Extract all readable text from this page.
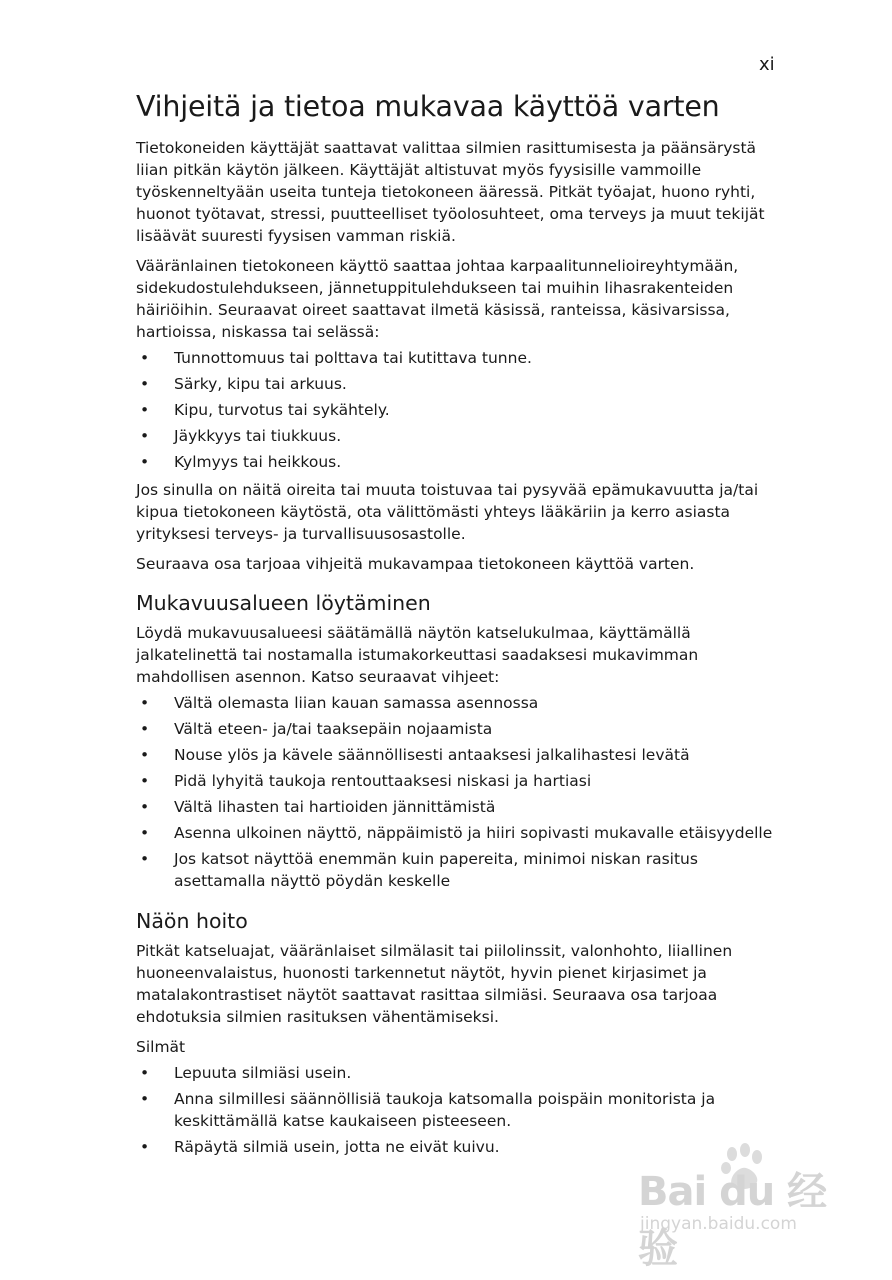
xi
Vihjeitä ja tietoa mukavaa käyttöä varten

Tietokoneiden käyttäjät saattavat valittaa silmien rasittumisesta ja päänsärystä liian pitkän käytön jälkeen. Käyttäjät altistuvat myös fyysisille vammoille työskenneltyään useita tunteja tietokoneen ääressä. Pitkät työajat, huono ryhti, huonot työtavat, stressi, puutteelliset työolosuhteet, oma terveys ja muut tekijät lisäävät suuresti fyysisen vamman riskiä.

Vääränlainen tietokoneen käyttö saattaa johtaa karpaalitunnelioireyhtymään, sidekudostulehdukseen, jännetuppitulehdukseen tai muihin lihasrakenteiden häiriöihin. Seuraavat oireet saattavat ilmetä käsissä, ranteissa, käsivarsissa, hartioissa, niskassa tai selässä:

• Tunnottomuus tai polttava tai kutittava tunne.
• Särky, kipu tai arkuus.
• Kipu, turvotus tai sykähtely.
• Jäykkyys tai tiukkuus.
• Kylmyys tai heikkous.

Jos sinulla on näitä oireita tai muuta toistuvaa tai pysyvää epämukavuutta ja/tai kipua tietokoneen käytöstä, ota välittömästi yhteys lääkäriin ja kerro asiasta yrityksesi terveys- ja turvallisuusosastolle.

Seuraava osa tarjoaa vihjeitä mukavampaa tietokoneen käyttöä varten.

Mukavuusalueen löytäminen

Löydä mukavuusalueesi säätämällä näytön katselukulmaa, käyttämällä jalkatelinettä tai nostamalla istumakorkeuttasi saadaksesi mukavimman mahdollisen asennon. Katso seuraavat vihjeet:

• Vältä olemasta liian kauan samassa asennossa
• Vältä eteen- ja/tai taaksepäin nojaamista
• Nouse ylös ja kävele säännöllisesti antaaksesi jalkalihastesi levätä
• Pidä lyhyitä taukoja rentouttaaksesi niskasi ja hartiasi
• Vältä lihasten tai hartioiden jännittämistä
• Asenna ulkoinen näyttö, näppäimistö ja hiiri sopivasti mukavalle etäisyydelle
• Jos katsot näyttöä enemmän kuin papereita, minimoi niskan rasitus asettamalla näyttö pöydän keskelle
Näön hoito

Pitkät katseluajat, vääränlaiset silmälasit tai piilolinssit, valonhohto, liiallinen huoneenvalaistus, huonosti tarkennetut näytöt, hyvin pienet kirjasimet ja matalakontrastiset näytöt saattavat rasittaa silmiäsi. Seuraava osa tarjoaa ehdotuksia silmien rasituksen vähentämiseksi.

Silmät

• Lepuuta silmiäsi usein.
• Anna silmillesi säännöllisiä taukoja katsomalla poispäin monitorista ja keskittämällä katse kaukaiseen pisteeseen.
• Räpäytä silmiä usein, jotta ne eivät kuivu.
Bai du 经验
jingyan.baidu.com
